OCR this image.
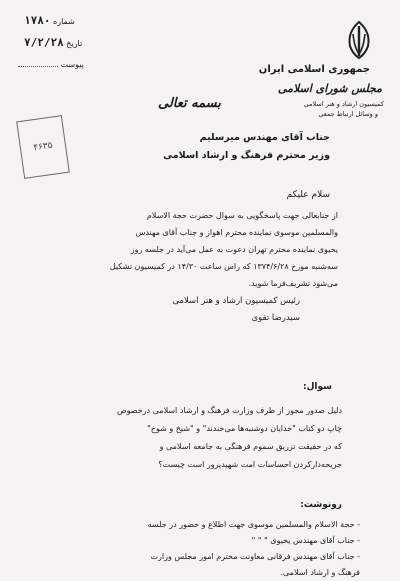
جمهوری اسلامی ایران
مجلس شورای اسلامی
کمیسیون ارشاد و هنر اسلامی
و وسائل ارتباط جمعی
۱۷۸۰ شماره
۷/۲/۲۸ تاریخ
پیوست
۴۶۳۵
بسمه تعالی
جناب آقای مهندس میرسلیم
وزیر محترم فرهنگ و ارشاد اسلامی
سلام علیکم
از جنابعالی جهت پاسخگویی به سوال حضرت حجة الاسلام
والمسلمین موسوی نماینده محترم اهواز و جناب آقای مهندس
یحیوی نماینده محترم تهران دعوت به عمل می‌آید در جلسه روز
سه‌شنبه مورخ ۱۳۷۴/۶/۲۸ که راس ساعت ۱۴/۳۰ در کمیسیون تشکیل
می‌شود تشریف‌فرما شوید.
رئیس کمیسیون ارشاد و هنر اسلامی
سیدرضا تقوی
سوال:
دلیل صدور مجوز از طرف وزارت فرهنگ و ارشاد اسلامی درخصوص
چاپ دو کتاب "خدایان دوشنبه‌ها می‌خندند" و "شیخ و شوخ"
که در حقیقت تزریق سموم فرهنگی به جامعه اسلامی و
جریحه‌دارکردن احساسات امت شهیدپرور است چیست؟
رونوشت:
- حجة الاسلام والمسلمین موسوی جهت اطلاع و حضور در جلسه
- جناب آقای مهندس یحیوی " " "
- جناب آقای مهندس فرقانی معاونت محترم امور مجلس وزارت
فرهنگ و ارشاد اسلامی.
